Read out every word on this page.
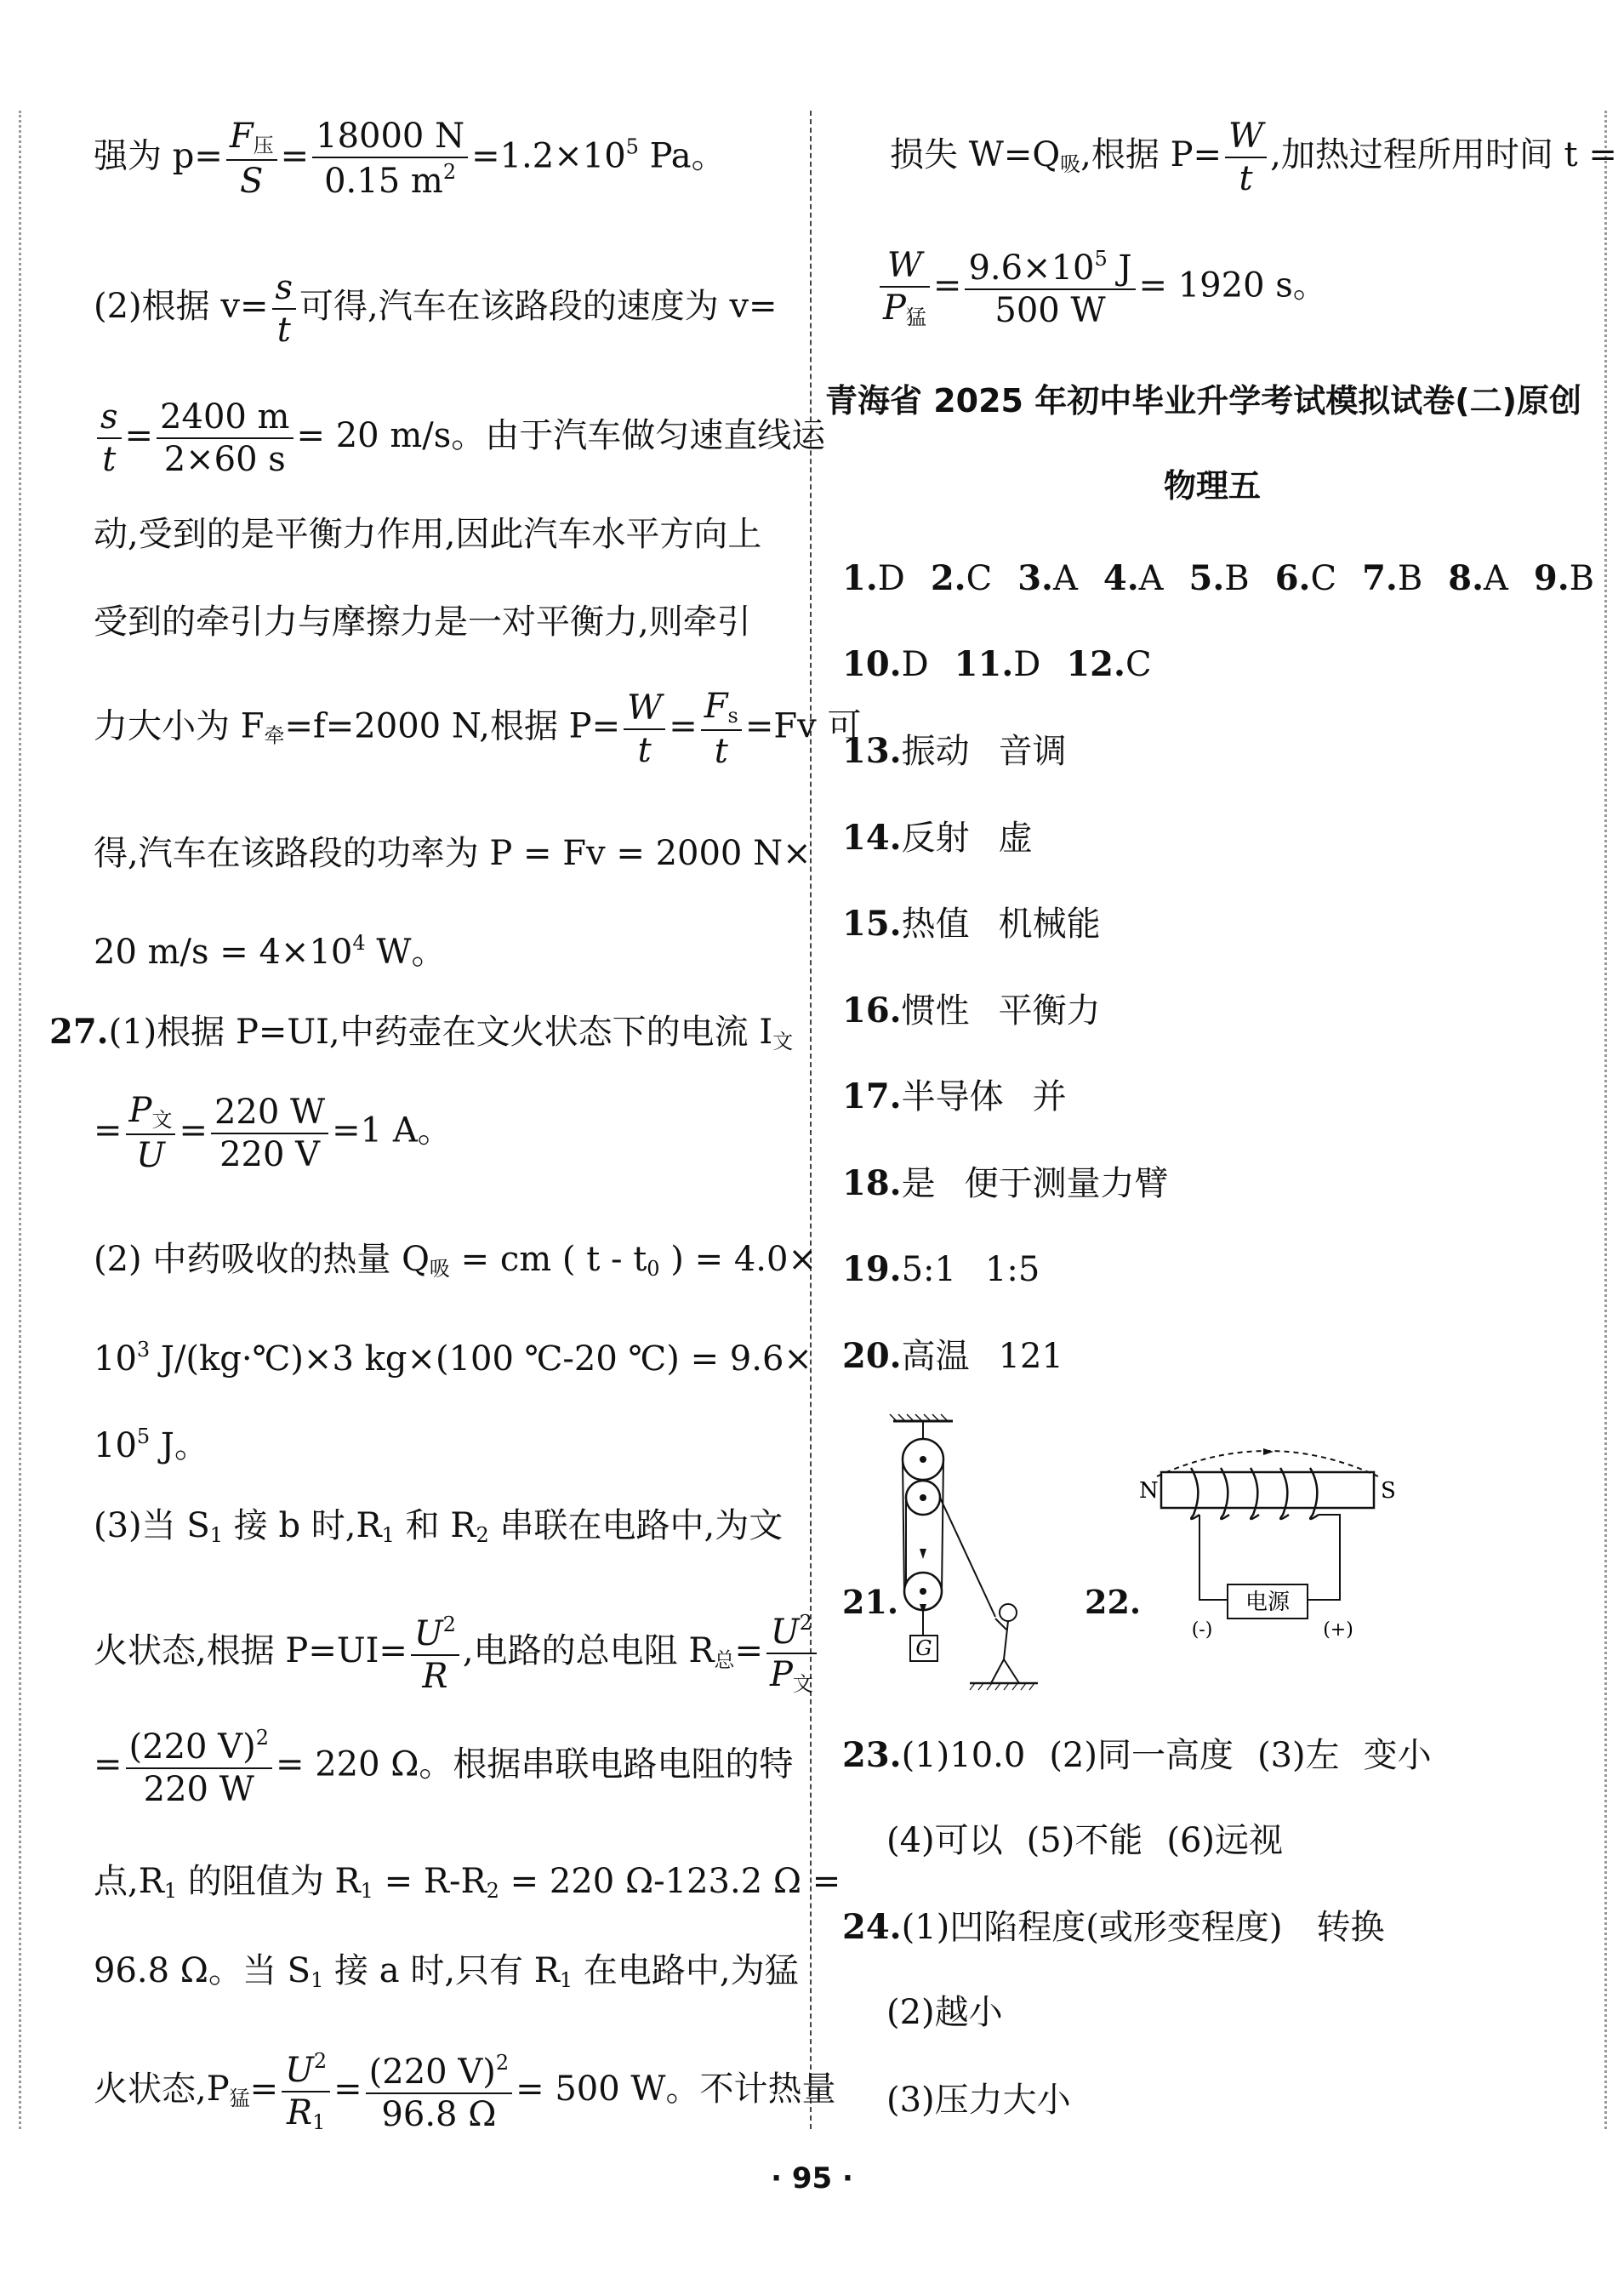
强为 $p= \frac{F_压}{S} = \frac{18000 N}{0.15 m^2} =1.2\times 10^5$ Pa。
(2)根据 $v= \frac{s}{t}$ 可得,汽车在该路段的速度为 v=
$\frac{s}{t} = \frac{2400 m}{2\times 60 s} = 20$ m/s。由于汽车做匀速直线运
动,受到的是平衡力作用,因此汽车水平方向上
受到的牵引力与摩擦力是一对平衡力,则牵引
力大小为 $F_牵=f=2000$ N,根据 $P= \frac{W}{t} = \frac{F_s}{t} =Fv$ 可
得,汽车在该路段的功率为 P = Fv = 2000 N×
20 $m/s = 4\times 10^4$ W。
27.(1)根据 P=UI,中药壶在文火状态下的电流 $I_文$
= $\frac{P_文}{U} = \frac{220 W}{220 V} =1$ A。
(2) 中药吸收的热量 $Q_吸$ = cm ( t - $t_0$ ) = 4.0×
$10^3$ J/(kg·℃)×3 kg×(100 ℃-20 ℃) = 9.6×
$10^5$ J。
(3)当 $S_1$ 接 b 时$,R_1$ 和 $R_2$ 串联在电路中,为文
火状态,根据 $P=UI= \frac{U^2}{R}$ ,电路的总电阻 $R_总= \frac{U^2}{P_文}$
= $\frac{(220 V)^2}{220 W} = 220$ Ω。根据串联电路电阻的特
点$,R_1$ 的阻值为 $R_1 = R-R_2 = 220$ Ω-123.2 Ω =
96.8 Ω。当 $S_1$ 接 a 时,只有 $R_1$ 在电路中,为猛
火状态$,P_猛= \frac{U^2}{R_1} = \frac{(220 V)^2}{96.8 \Omega} = 500$ W。不计热量
损失 $W=Q_吸$,根据 $P= \frac{W}{t}$ ,加热过程所用时间 t =
$\frac{W}{P_猛} = \frac{9.6\times 10^5 J}{500 W} = 1920$ s。
青海省 2025 年初中毕业升学考试模拟试卷(二)原创
物理五
1.D 2.C 3.A 4.A 5.B 6.C 7.B 8.A 9.B
10.D 11.D 12.C
13.振动 音调
14.反射 虚
15.热值 机械能
16.惯性 平衡力
17.半导体 并
18.是 便于测量力臂
19.5:1 1:5
20.高温 121
21.
G
22.
N	S
电源
(-)	(+)
23.(1)10.0 (2)同一高度 (3)左 变小
(4)可以 (5)不能 (6)远视
24.(1)凹陷程度(或形变程度) 转换
(2)越小
(3)压力大小
· 95 ·
